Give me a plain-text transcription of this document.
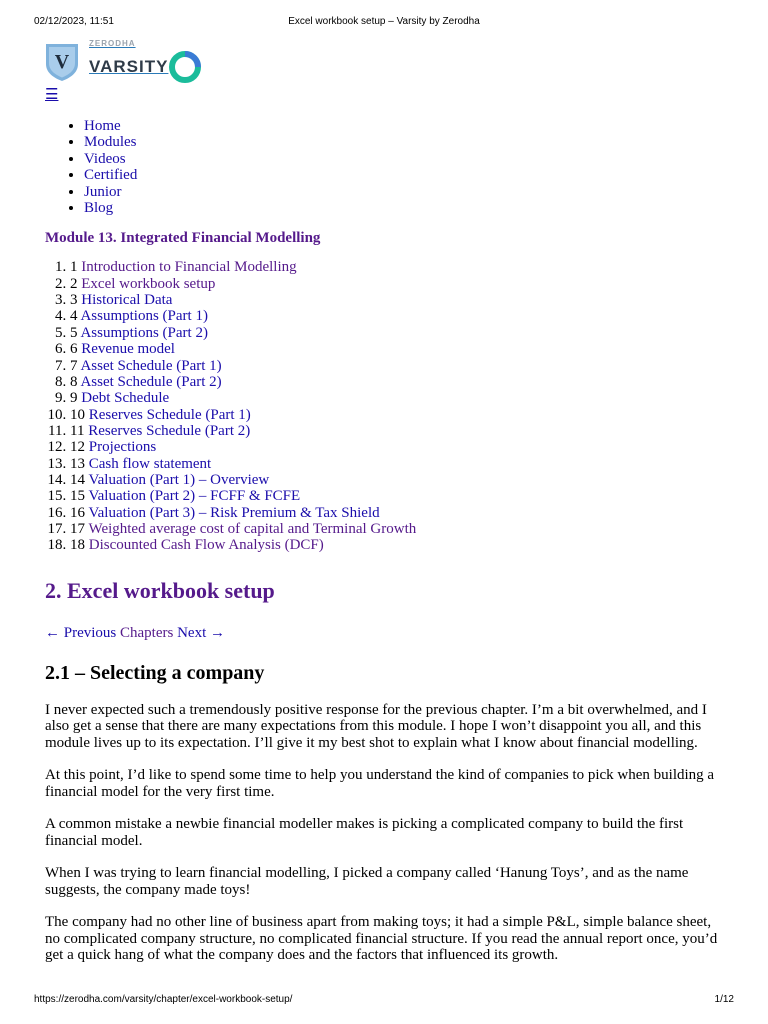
02/12/2023, 11:51	Excel workbook setup – Varsity by Zerodha
V
ZERODHA
VARSITY
☰
• Home
• Modules
• Videos
• Certified
• Junior
• Blog
Module 13. Integrated Financial Modelling
1. 1 Introduction to Financial Modelling
2. 2 Excel workbook setup
3. 3 Historical Data
4. 4 Assumptions (Part 1)
5. 5 Assumptions (Part 2)
6. 6 Revenue model
7. 7 Asset Schedule (Part 1)
8. 8 Asset Schedule (Part 2)
9. 9 Debt Schedule
10. 10 Reserves Schedule (Part 1)
11. 11 Reserves Schedule (Part 2)
12. 12 Projections
13. 13 Cash flow statement
14. 14 Valuation (Part 1) – Overview
15. 15 Valuation (Part 2) – FCFF & FCFE
16. 16 Valuation (Part 3) – Risk Premium & Tax Shield
17. 17 Weighted average cost of capital and Terminal Growth
18. 18 Discounted Cash Flow Analysis (DCF)
2. Excel workbook setup
← Previous Chapters Next →
2.1 – Selecting a company

I never expected such a tremendously positive response for the previous chapter. I’m a bit overwhelmed, and I also get a sense that there are many expectations from this module. I hope I won’t disappoint you all, and this module lives up to its expectation. I’ll give it my best shot to explain what I know about financial modelling.

At this point, I’d like to spend some time to help you understand the kind of companies to pick when building a financial model for the very first time.

A common mistake a newbie financial modeller makes is picking a complicated company to build the first financial model.

When I was trying to learn financial modelling, I picked a company called ‘Hanung Toys’, and as the name suggests, the company made toys!

The company had no other line of business apart from making toys; it had a simple P&L, simple balance sheet, no complicated company structure, no complicated financial structure. If you read the annual report once, you’d get a quick hang of what the company does and the factors that influenced its growth.

https://zerodha.com/varsity/chapter/excel-workbook-setup/	1/12
